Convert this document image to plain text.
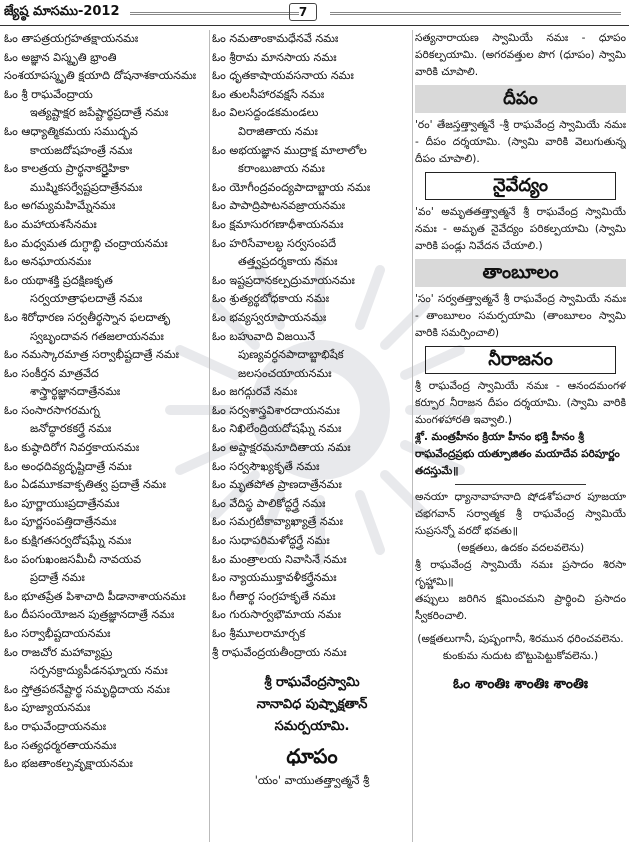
జ్యేష్ఠ మాసము-2012	7
ఓం తాపత్రయగ్రహతక్షాయనమః
ఓం అజ్ఞాన విస్మృతి భ్రాంతి
సంశయాపస్మృతి క్షయాది దోషనాశకాయనమః
ఓం శ్రీ రాఘవేంద్రాయ
ఇత్యష్టాక్షర జపేష్టార్థప్రదాత్రే నమః
ఓం ఆధ్యాత్మికమయ సముద్భవ
కాయజదోషహంత్రే నమః
ఓం కాలత్రయ ప్రార్థనాకర్త్రైహికా
ముష్మికసర్వేష్టప్రదాత్రేనమః
ఓం అగమ్యమహిమ్నేనమః
ఓం మహాయశసేనమః
ఓం మధ్వమత దుగ్ధాబ్ధి చంద్రాయనమః
ఓం అనఘాయనమః
ఓం యథాశక్తి ప్రదక్షిణకృత
సర్వయాత్రాఫలదాత్రే నమః
ఓం శిరోధారణ సర్వతీర్థస్నాన ఫలదాతృ
స్వబృందావన గతజలాయనమః
ఓం నమస్కారమాత్ర సర్వాభీష్టదాత్రే నమః
ఓం సంకీర్తన మాత్రవేద
శాస్త్రార్థజ్ఞానదాత్రేనమః
ఓం సంసారసాగరమగ్న
జనోద్ధారకకర్త్రే నమః
ఓం కుష్ఠాదిరోగ నివర్తకాయనమః
ఓం అంధదివ్యదృష్టిదాత్రే నమః
ఓం ఏడమూకవాక్పతిత్వ ప్రదాత్రే నమః
ఓం పూర్ణాయుఃప్రదాత్రేనమః
ఓం పూర్ణసంపత్తిదాత్రేనమః
ఓం కుక్షిగతసర్వదోషఘ్నే నమః
ఓం పంగుఖంజసమీచీ నావయవ
ప్రదాత్రే నమః
ఓం భూతప్రేత పిశాచాది పీడానాశాయనమః
ఓం దీపసంయోజన పుత్రజ్ఞానదాత్రే నమః
ఓం సర్వాభీష్టదాయనమః
ఓం రాజచోర మహావ్యాఘ్ర
సర్పనక్రాద్యుపీడనఘ్నాయ నమః
ఓం స్తోత్రపఠనేష్టార్థ సమృద్ధిదాయ నమః
ఓం పూజ్యాయనమః
ఓం రాఘవేంద్రాయనమః
ఓం సత్యధర్మరతాయనమః
ఓం భజతాంకల్పవృక్షాయనమః
ఓం నమతాంకామధేనవే నమః
ఓం శ్రీరామ మానసాయ నమః
ఓం ధృతకాషాయవసనాయ నమః
ఓం తులసీహారవక్షసే నమః
ఓం విలసద్దండకమండలు
విరాజితాయ నమః
ఓం అభయజ్ఞాన ముద్రాక్ష మాలాలోల
కరాంబుజాయ నమః
ఓం యోగీంద్రవంద్యపాదాబ్జాయ నమః
ఓం పాపాద్రిపాటనవజ్రాయనమః
ఓం క్షమాసురగణాధీశాయనమః
ఓం హరిసేవాలబ్ధ సర్వసంపదే
తత్త్వప్రదర్శకాయ నమః
ఓం ఇష్టప్రదానకల్పద్రుమాయనమః
ఓం శ్రుత్యర్థబోధకాయ నమః
ఓం భవ్యస్వరూపాయనమః
ఓం బహువాది విజయినే
పుణ్యవర్ధనపాదాబ్జాభిషేక
జలసంచయాయనమః
ఓం జగద్గురవే నమః
ఓం సర్వశాస్త్రవిశారదాయనమః
ఓం నిఖిలేంద్రియదోషఘ్నే నమః
ఓం అష్టాక్షరమనూదితాయ నమః
ఓం సర్వసౌఖ్యకృతే నమః
ఓం మృతపోత ప్రాణదాత్రేనమః
ఓం వేదిస్థ పాలికోద్ధర్త్రే నమః
ఓం సమగ్రటీకావ్యాఖ్యాత్రే నమః
ఓం సుధాపరిమళోద్ధర్త్రే నమః
ఓం మంత్రాలయ నివాసినే నమః
ఓం న్యాయముక్తావళీకర్త్రేనమః
ఓం గీతార్థ సంగ్రహకృతే నమః
ఓం గురుసార్వభౌమాయ నమః
ఓం శ్రీమూలరామార్చక
శ్రీ రాఘవేంద్రయతీంద్రాయ నమః
శ్రీ రాఘవేంద్రస్వామి
నానావిధ పుష్పాక్షతాన్
సమర్పయామి.
ధూపం
'యం' వాయుతత్త్వాత్మనే శ్రీ
సత్యనారాయణ స్వామియే నమః - ధూపం పరికల్పయామి. (అగరవత్తుల పొగ (ధూపం) స్వామి వారికి చూపాలి.
దీపం
'రం' తేజస్తత్త్వాత్మనే -శ్రీ రాఘవేంద్ర స్వామియే నమః - దీపం దర్శయామి. (స్వామి వారికి వెలుగుతున్న దీపం చూపాలి).
నైవేద్యం
'వం' అమృతతత్త్వాత్మనే శ్రీ రాఘవేంద్ర స్వామియే నమః - అమృత నైవేద్యం పరికల్పయామి (స్వామి వారికి పండ్లు నివేదన చేయాలి.)
తాంబూలం
'సం' సర్వతత్త్వాత్మనే శ్రీ రాఘవేంద్ర స్వామియే నమః - తాంబూలం సమర్పయామి (తాంబూలం స్వామి వారికి సమర్పించాలి)
నీరాజనం
శ్రీ రాఘవేంద్ర స్వామియే నమః - ఆనందమంగళ కర్పూర నీరాజన దీపం దర్శయామి. (స్వామి వారికి మంగళహారతి ఇవ్వాలి.)
శ్లో. మంత్రహీనం క్రియా హీనం భక్తి హీనం శ్రీ రాఘవేంద్రప్రభు యత్పూజితం మయాదేవ పరిపూర్ణం తదస్తుమే॥
అనయా ధ్యానావాహనాది షోడశోపచార పూజయా చభగవాన్ సర్వాత్మక శ్రీ రాఘవేంద్ర స్వామియే సుప్రసన్నో వరదో భవతు॥
(అక్షతలు, ఉదకం వదలవలెను)
శ్రీ రాఘవేంద్ర స్వామియే నమః ప్రసాదం శిరసా గృహ్ణామి॥
తప్పులు జరిగిన క్షమించమని ప్రార్థించి ప్రసాదం స్వీకరించాలి.
(అక్షతలుగానీ, పుష్పంగానీ, శిరమున ధరించవలెను. కుంకుమ నుదుట బొట్టుపెట్టుకోవలెను.)
ఓం శాంతిః శాంతిః శాంతిః
